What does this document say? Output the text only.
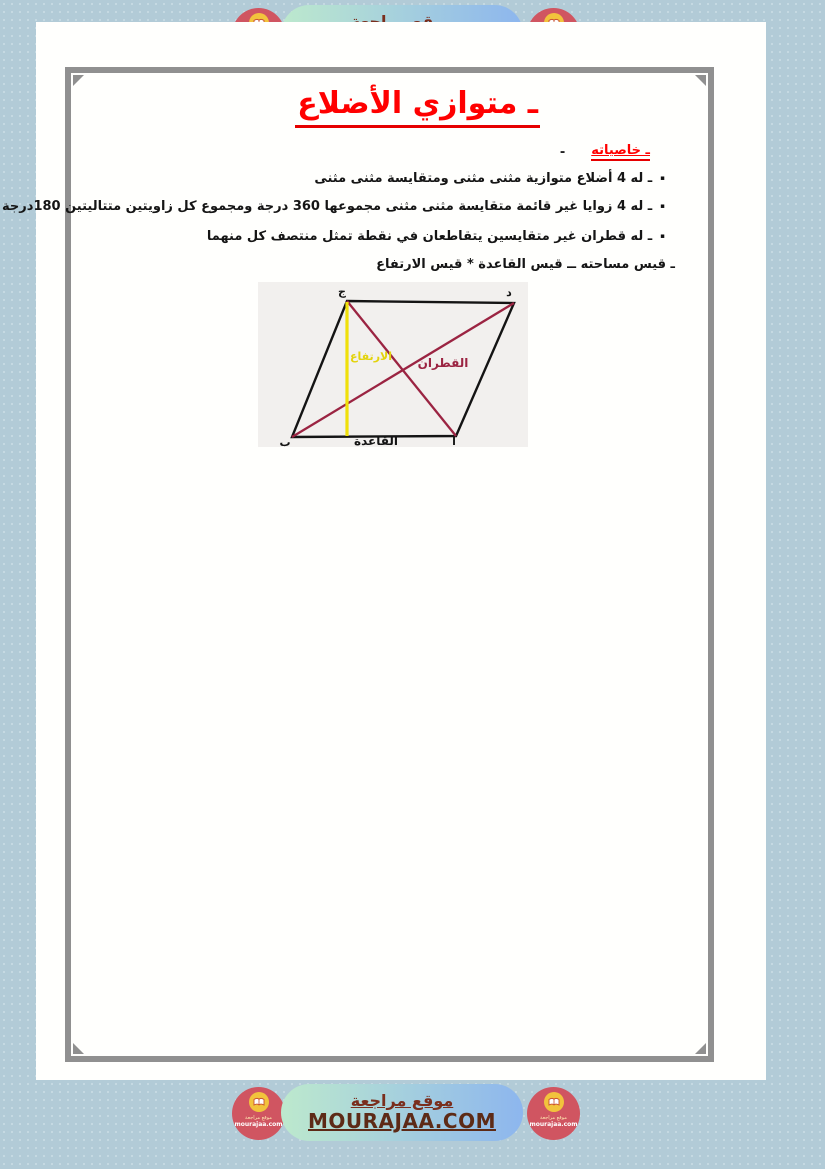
ـ متوازي الأضلاع
ـ خاصياته
-
▪
ـ له 4 أضلاع متوازية مثنى مثنى ومتقايسة مثنى مثنى
▪
ـ له 4 زوايا غير قائمة متقايسة مثنى مثنى مجموعها 360 درجة ومجموع كل زاويتين متتاليتين 180درجة
▪
ـ له قطران غير متقايسين يتقاطعان في نقطة تمثل منتصف كل منهما
ـ قيس مساحته ــ قيس القاعدة * قيس الارتفاع
ج	د
ب	ا
الارتفاع القطران
القاعدة
موقع مراجعة
mourajaa.com
موقع مراجعة
MOURAJAA.COM	موقع مراجعة
mourajaa.com
